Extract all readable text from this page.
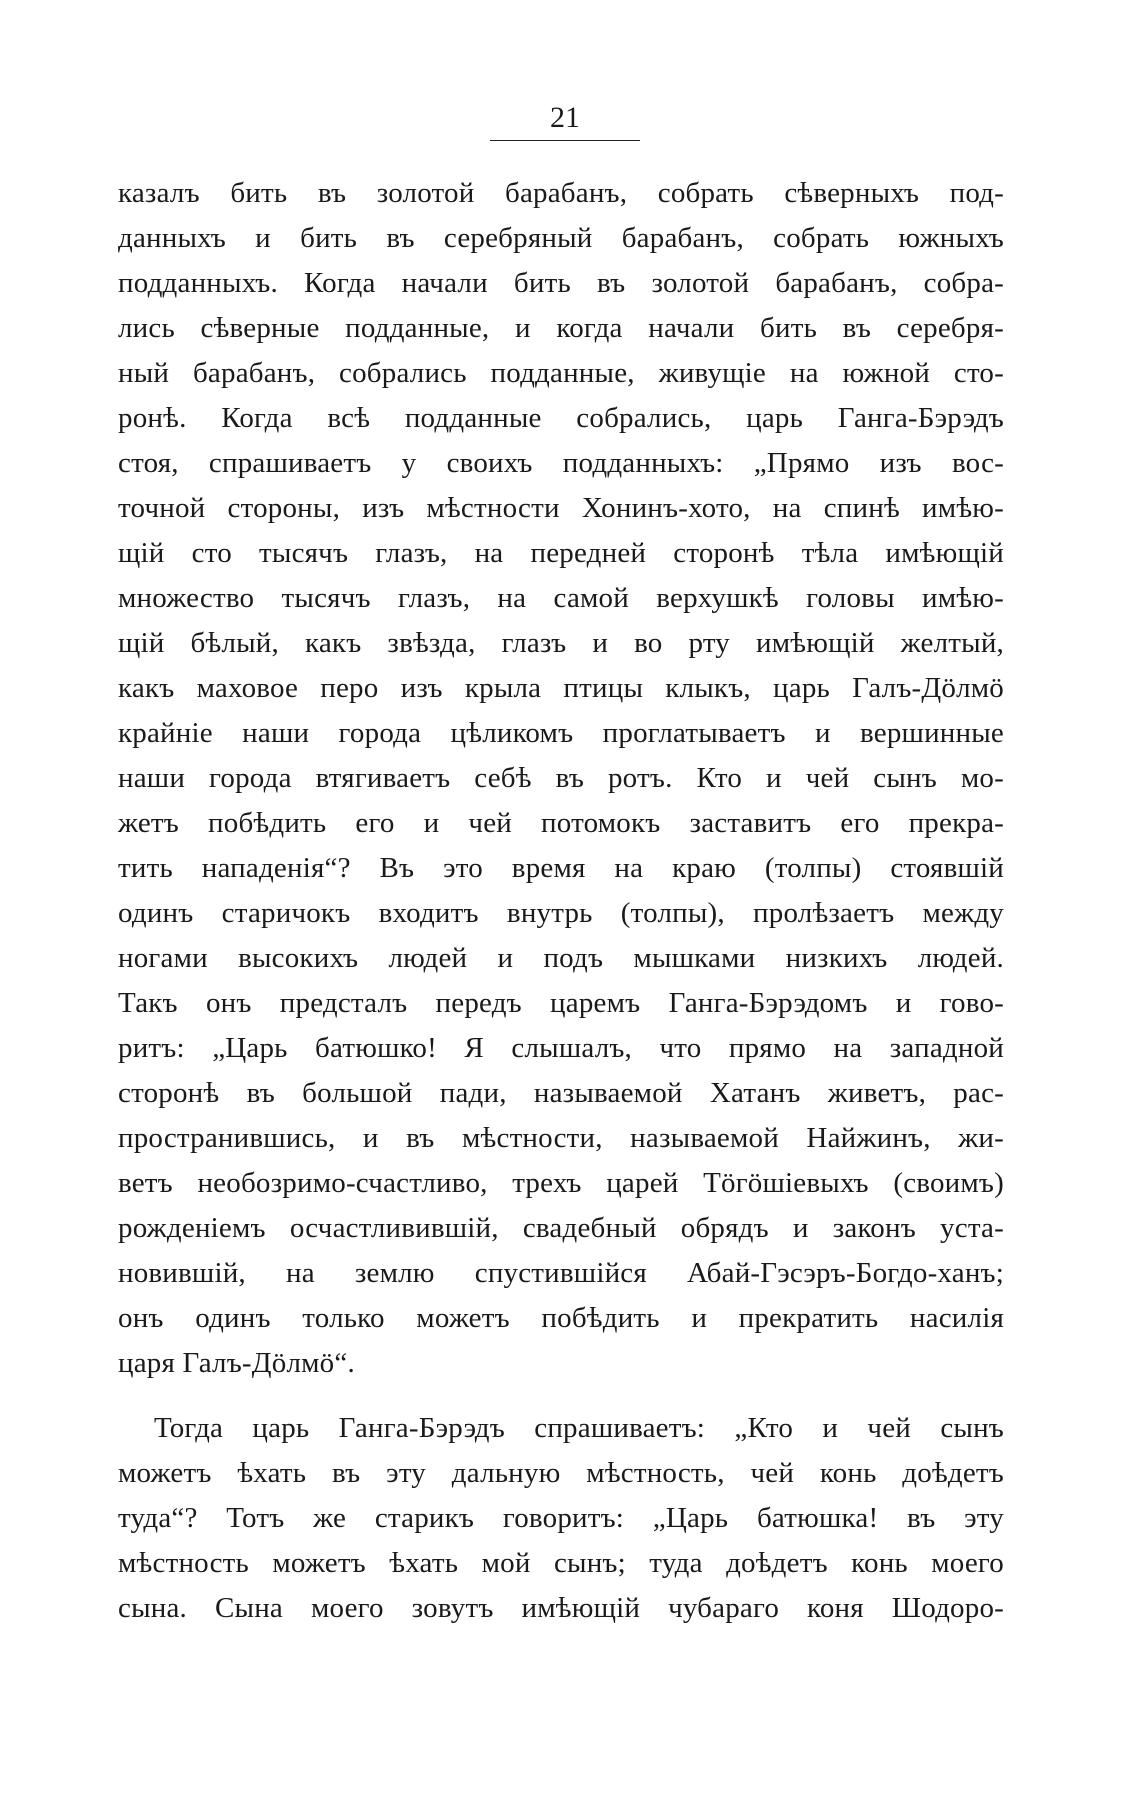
21
казалъ бить въ золотой барабанъ, собрать сѣверныхъ под-
данныхъ и бить въ серебряный барабанъ, собрать южныхъ
подданныхъ. Когда начали бить въ золотой барабанъ, собра-
лись сѣверные подданные, и когда начали бить въ серебря-
ный барабанъ, собрались подданные, живущіе на южной сто-
ронѣ. Когда всѣ подданные собрались, царь Ганга-Бэрэдъ
стоя, спрашиваетъ у своихъ подданныхъ: „Прямо изъ вос-
точной стороны, изъ мѣстности Хонинъ-хото, на спинѣ имѣю-
щій сто тысячъ глазъ, на передней сторонѣ тѣла имѣющій
множество тысячъ глазъ, на самой верхушкѣ головы имѣю-
щій бѣлый, какъ звѣзда, глазъ и во рту имѣющій желтый,
какъ маховое перо изъ крыла птицы клыкъ, царь Галъ-Дöлмö
крайніе наши города цѣликомъ проглатываетъ и вершинные
наши города втягиваетъ себѣ въ ротъ. Кто и чей сынъ мо-
жетъ побѣдить его и чей потомокъ заставитъ его прекра-
тить нападенія“? Въ это время на краю (толпы) стоявшій
одинъ старичокъ входитъ внутрь (толпы), пролѣзаетъ между
ногами высокихъ людей и подъ мышками низкихъ людей.
Такъ онъ предсталъ передъ царемъ Ганга-Бэрэдомъ и гово-
ритъ: „Царь батюшко! Я слышалъ, что прямо на западной
сторонѣ въ большой пади, называемой Хатанъ живетъ, рас-
пространившись, и въ мѣстности, называемой Найжинъ, жи-
ветъ необозримо-счастливо, трехъ царей Тöгöшіевыхъ (своимъ)
рожденіемъ осчастливившій, свадебный обрядъ и законъ уста-
новившій, на землю спустившійся Абай-Гэсэръ-Богдо-ханъ;
онъ одинъ только можетъ побѣдить и прекратить насилія
царя Галъ-Дöлмö“.
Тогда царь Ганга-Бэрэдъ спрашиваетъ: „Кто и чей сынъ
можетъ ѣхать въ эту дальную мѣстность, чей конь доѣдетъ
туда“? Тотъ же старикъ говоритъ: „Царь батюшка! въ эту
мѣстность можетъ ѣхать мой сынъ; туда доѣдетъ конь моего
сына. Сына моего зовутъ имѣющій чубараго коня Шодоро-
